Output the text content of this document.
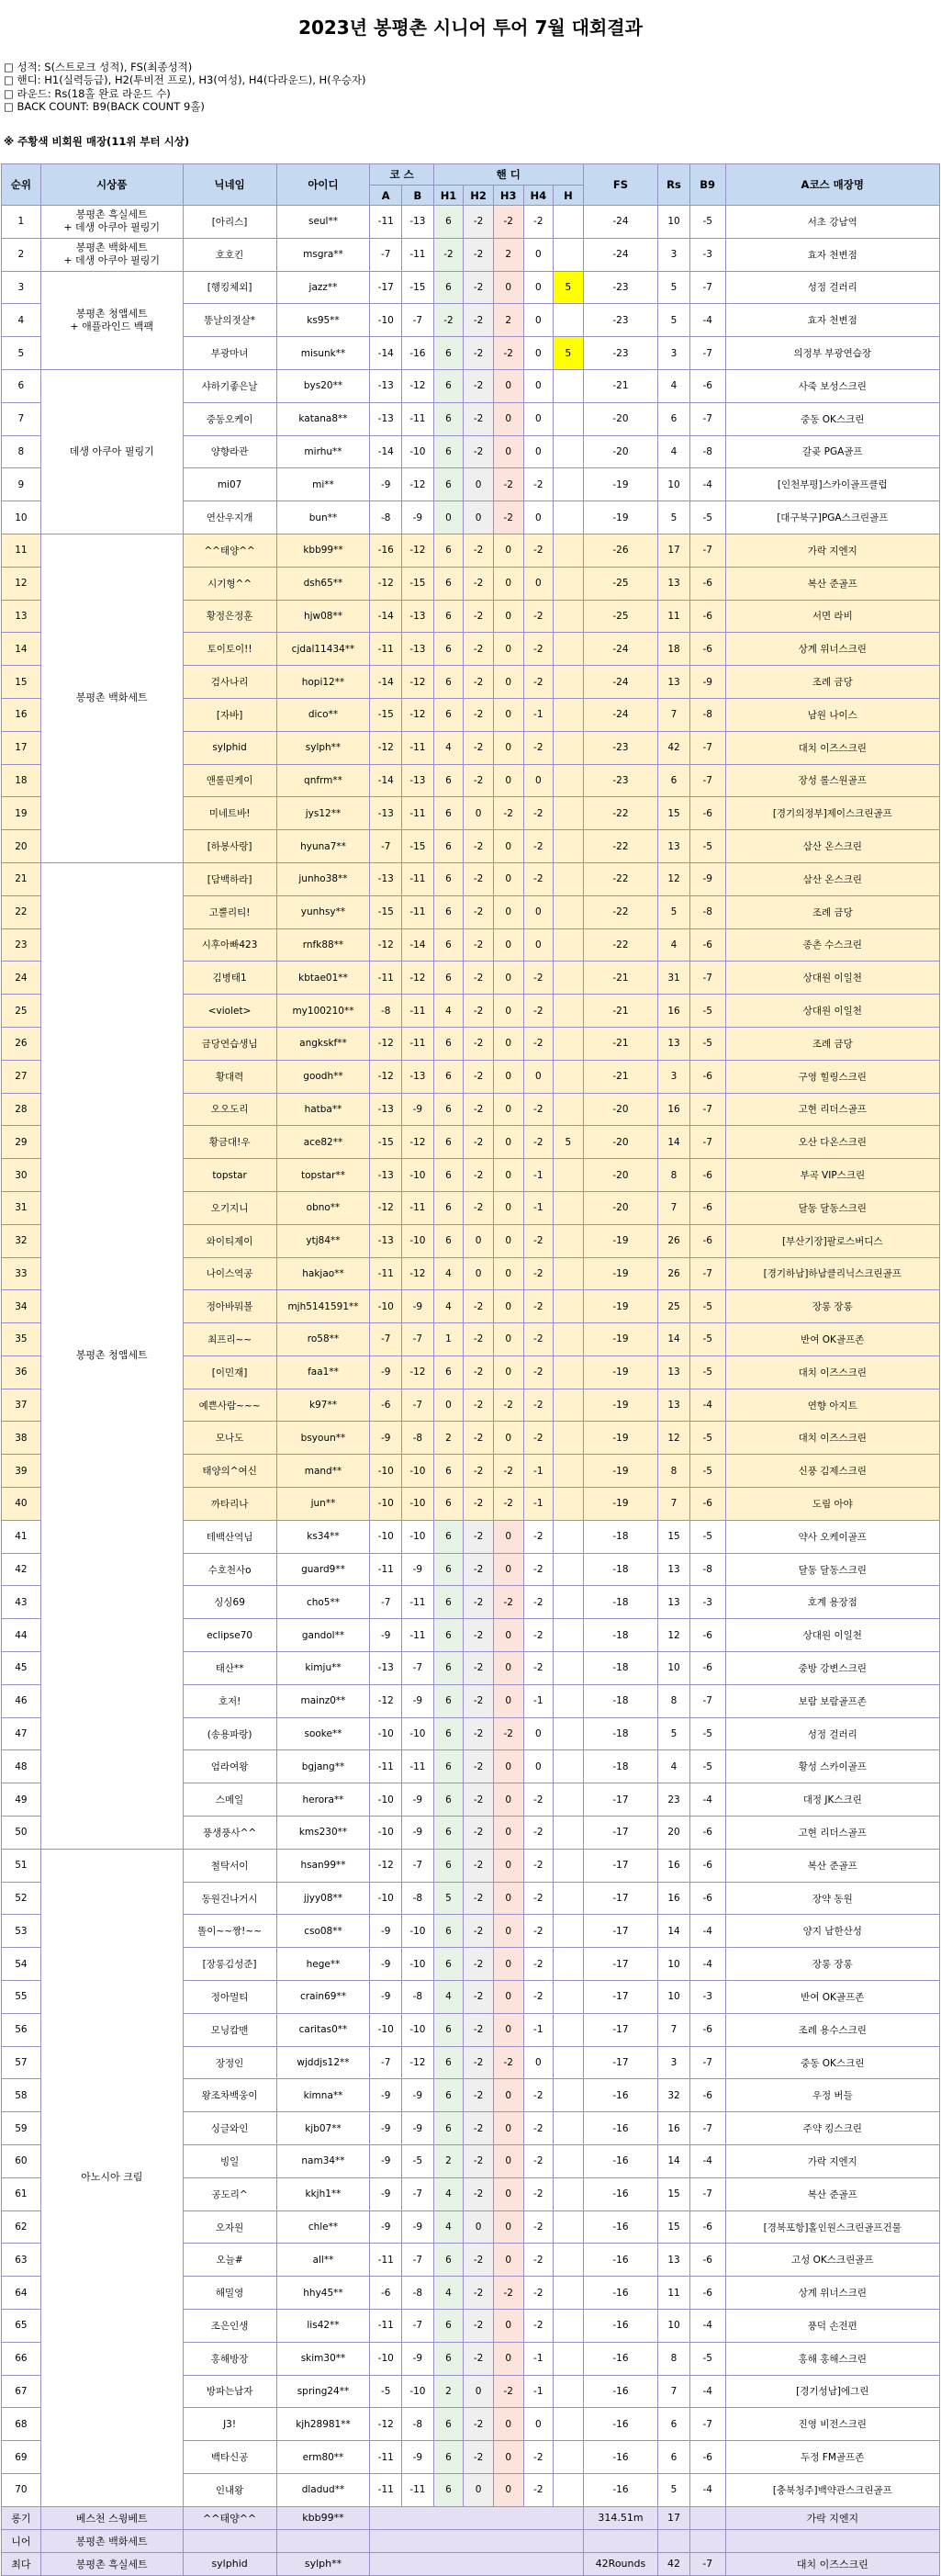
2023년 봉평촌 시니어 투어 7월 대회결과
□ 성적: S(스트로크 성적), FS(최종성적)
□ 핸디: H1(실력등급), H2(투비전 프로), H3(여성), H4(다라운드), H(우승자)
□ 라운드: Rs(18홀 완료 라운드 수)
□ BACK COUNT: B9(BACK COUNT 9홀)
※ 주황색 비회원 매장(11위 부터 시상)
순위	시상품	닉네임	아이디	코 스		핸 디					FS	Rs	B9	A코스 매장명
				A	B	H1	H2	H3	H4	H				
1	봉평촌 흑실세트
+ 데생 아쿠아 필링기	[아리스]	seul**	-11	-13	6	-2	-2	-2		-24	10	-5	서초 강남역
2	봉평촌 백화세트
+ 데생 아쿠아 필링기	호호킨	msgra**	-7	-11	-2	-2	2	0		-24	3	-3	효자 천변점
3	봉평촌 청앱세트
+ 애플라인드 백팩	[행킹체외]	jazz**	-17	-15	6	-2	0	0	5	-23	5	-7	성정 걸러리
4		똥날의젓살*	ks95**	-10	-7	-2	-2	2	0		-23	5	-4	효자 천변점
5		부광마녀	misunk**	-14	-16	6	-2	-2	0	5	-23	3	-7	의정부 부광연습장
6	데생 아쿠아 필링기	샤하기좋은날	bys20**	-13	-12	6	-2	0	0		-21	4	-6	사죽 보성스크린
7		중동오케이	katana8**	-13	-11	6	-2	0	0		-20	6	-7	중동 OK스크린
8		양향라관	mirhu**	-14	-10	6	-2	0	0		-20	4	-8	갈곶 PGA골프
9		mi07	mi**	-9	-12	6	0	-2	-2		-19	10	-4	[인천부평]스카이골프클럽
10		연산우지개	bun**	-8	-9	0	0	-2	0		-19	5	-5	[대구북구]PGA스크린골프
11	봉평촌 백화세트	^^태양^^	kbb99**	-16	-12	6	-2	0	-2		-26	17	-7	가락 지엔지
12		시기형^^	dsh65**	-12	-15	6	-2	0	0		-25	13	-6	복산 준골프
13		황정은정훈	hjw08**	-14	-13	6	-2	0	-2		-25	11	-6	서면 라비
14		토이토이!!	cjdal11434**	-11	-13	6	-2	0	-2		-24	18	-6	상계 위너스크린
15		검사나리	hopi12**	-14	-12	6	-2	0	-2		-24	13	-9	조례 금당
16		[자바]	dico**	-15	-12	6	-2	0	-1		-24	7	-8	남원 나이스
17		sylphid	sylph**	-12	-11	4	-2	0	-2		-23	42	-7	대치 이즈스크린
18		앤롤핀케이	qnfrm**	-14	-13	6	-2	0	0		-23	6	-7	장성 롤스원골프
19		미네트바!	jys12**	-13	-11	6	0	-2	-2		-22	15	-6	[경기의정부]제이스크린골프
20		[하봉사랑]	hyuna7**	-7	-15	6	-2	0	-2		-22	13	-5	삼산 온스크린
21	봉평촌 청앱세트	[담백하라]	junho38**	-13	-11	6	-2	0	-2		-22	12	-9	삼산 온스크린
22		고뿔리티!	yunhsy**	-15	-11	6	-2	0	0		-22	5	-8	조례 금당
23		시후아빠423	rnfk88**	-12	-14	6	-2	0	0		-22	4	-6	종촌 수스크린
24		김병태1	kbtae01**	-11	-12	6	-2	0	-2		-21	31	-7	상대원 이일천
25		<violet>	my100210**	-8	-11	4	-2	0	-2		-21	16	-5	상대원 이일천
26		금당연습생님	angkskf**	-12	-11	6	-2	0	-2		-21	13	-5	조례 금당
27		황대력	goodh**	-12	-13	6	-2	0	0		-21	3	-6	구영 힐링스크린
28		오오도리	hatba**	-13	-9	6	-2	0	-2		-20	16	-7	고현 리더스골프
29		황금대!우	ace82**	-15	-12	6	-2	0	-2	5	-20	14	-7	오산 다온스크린
30		topstar	topstar**	-13	-10	6	-2	0	-1		-20	8	-6	부곡 VIP스크린
31		오기지니	obno**	-12	-11	6	-2	0	-1		-20	7	-6	달동 달동스크린
32		와이티제이	ytj84**	-13	-10	6	0	0	-2		-19	26	-6	[부산기장]팔로스버디스
33		나이스역공	hakjao**	-11	-12	4	0	0	-2		-19	26	-7	[경기하남]하남클리닉스크린골프
34		정아바뭐볼	mjh5141591**	-10	-9	4	-2	0	-2		-19	25	-5	장롱 장롱
35		최프리~~	ro58**	-7	-7	1	-2	0	-2		-19	14	-5	반여 OK골프존
36		[이민재]	faa1**	-9	-12	6	-2	0	-2		-19	13	-5	대치 이즈스크린
37		예쁜사람~~~	k97**	-6	-7	0	-2	-2	-2		-19	13	-4	연향 아지트
38		모나도	bsyoun**	-9	-8	2	-2	0	-2		-19	12	-5	대치 이즈스크린
39		태양의^여신	mand**	-10	-10	6	-2	-2	-1		-19	8	-5	신풍 김제스크린
40		까타리나	jun**	-10	-10	6	-2	-2	-1		-19	7	-6	도림 아야
41		테백산역님	ks34**	-10	-10	6	-2	0	-2		-18	15	-5	약사 오케이골프
42		수호천사o	guard9**	-11	-9	6	-2	0	-2		-18	13	-8	달동 달동스크린
43		싱싱69	cho5**	-7	-11	6	-2	-2	-2		-18	13	-3	호계 용장점
44		eclipse70	gandol**	-9	-11	6	-2	0	-2		-18	12	-6	상대원 이일천
45		태산**	kimju**	-13	-7	6	-2	0	-2		-18	10	-6	중방 강변스크린
46		호저!	mainz0**	-12	-9	6	-2	0	-1		-18	8	-7	보람 보람골프존
47		(송용파랑)	sooke**	-10	-10	6	-2	-2	0		-18	5	-5	성정 걸러리
48		엄라여왕	bgjang**	-11	-11	6	-2	0	0		-18	4	-5	황성 스카이골프
49		스메일	herora**	-10	-9	6	-2	0	-2		-17	23	-4	대정 JK스크린
50		풍생풍사^^	kms230**	-10	-9	6	-2	0	-2		-17	20	-6	고현 리더스골프
51	아노시아 크림	철탁서이	hsan99**	-12	-7	6	-2	0	-2		-17	16	-6	복산 준골프
52		동원건나거시	jjyy08**	-10	-8	5	-2	0	-2		-17	16	-6	장약 동원
53		똘이~~짱!~~	cso08**	-9	-10	6	-2	0	-2		-17	14	-4	양지 남한산성
54		[장롱김성준]	hege**	-9	-10	6	-2	0	-2		-17	10	-4	장롱 장롱
55		정아멀티	crain69**	-9	-8	4	-2	0	-2		-17	10	-3	반여 OK골프존
56		모닝캄맨	caritas0**	-10	-10	6	-2	0	-1		-17	7	-6	조례 용수스크린
57		장정인	wjddjs12**	-7	-12	6	-2	-2	0		-17	3	-7	중동 OK스크린
58		왕조차백웅이	kimna**	-9	-9	6	-2	0	-2		-16	32	-6	우정 버들
59		싱글와인	kjb07**	-9	-9	6	-2	0	-2		-16	16	-7	주약 킹스크린
60		빙일	nam34**	-9	-5	2	-2	0	-2		-16	14	-4	가락 지엔지
61		공도리^	kkjh1**	-9	-7	4	-2	0	-2		-16	15	-7	복산 준골프
62		오자원	chle**	-9	-9	4	0	0	-2		-16	15	-6	[경북포항]홀인원스크린골프건물
63		오늘#	all**	-11	-7	6	-2	0	-2		-16	13	-6	고성 OK스크린골프
64		해밀영	hhy45**	-6	-8	4	-2	-2	-2		-16	11	-6	상계 위너스크린
65		조은인생	lis42**	-11	-7	6	-2	0	-2		-16	10	-4	풍덕 손전편
66		홍해방장	skim30**	-10	-9	6	-2	0	-1		-16	8	-5	홍해 홍해스크린
67		방파는남자	spring24**	-5	-10	2	0	-2	-1		-16	7	-4	[경기성남]에그린
68		J3!	kjh28981**	-12	-8	6	-2	0	0		-16	6	-7	진영 비전스크린
69		백타신공	erm80**	-11	-9	6	-2	0	-2		-16	6	-6	두정 FM골프존
70		인내왕	dladud**	-11	-11	6	0	0	-2		-16	5	-4	[충북청주]백약관스크린골프
롱기	베스천 스윙베트	^^태양^^	kbb99**								314.51m	17		가락 지엔지
니어	봉평촌 백화세트													
최다	봉평촌 흑실세트	sylphid	sylph**								42Rounds	42	-7	대치 이즈스크린
